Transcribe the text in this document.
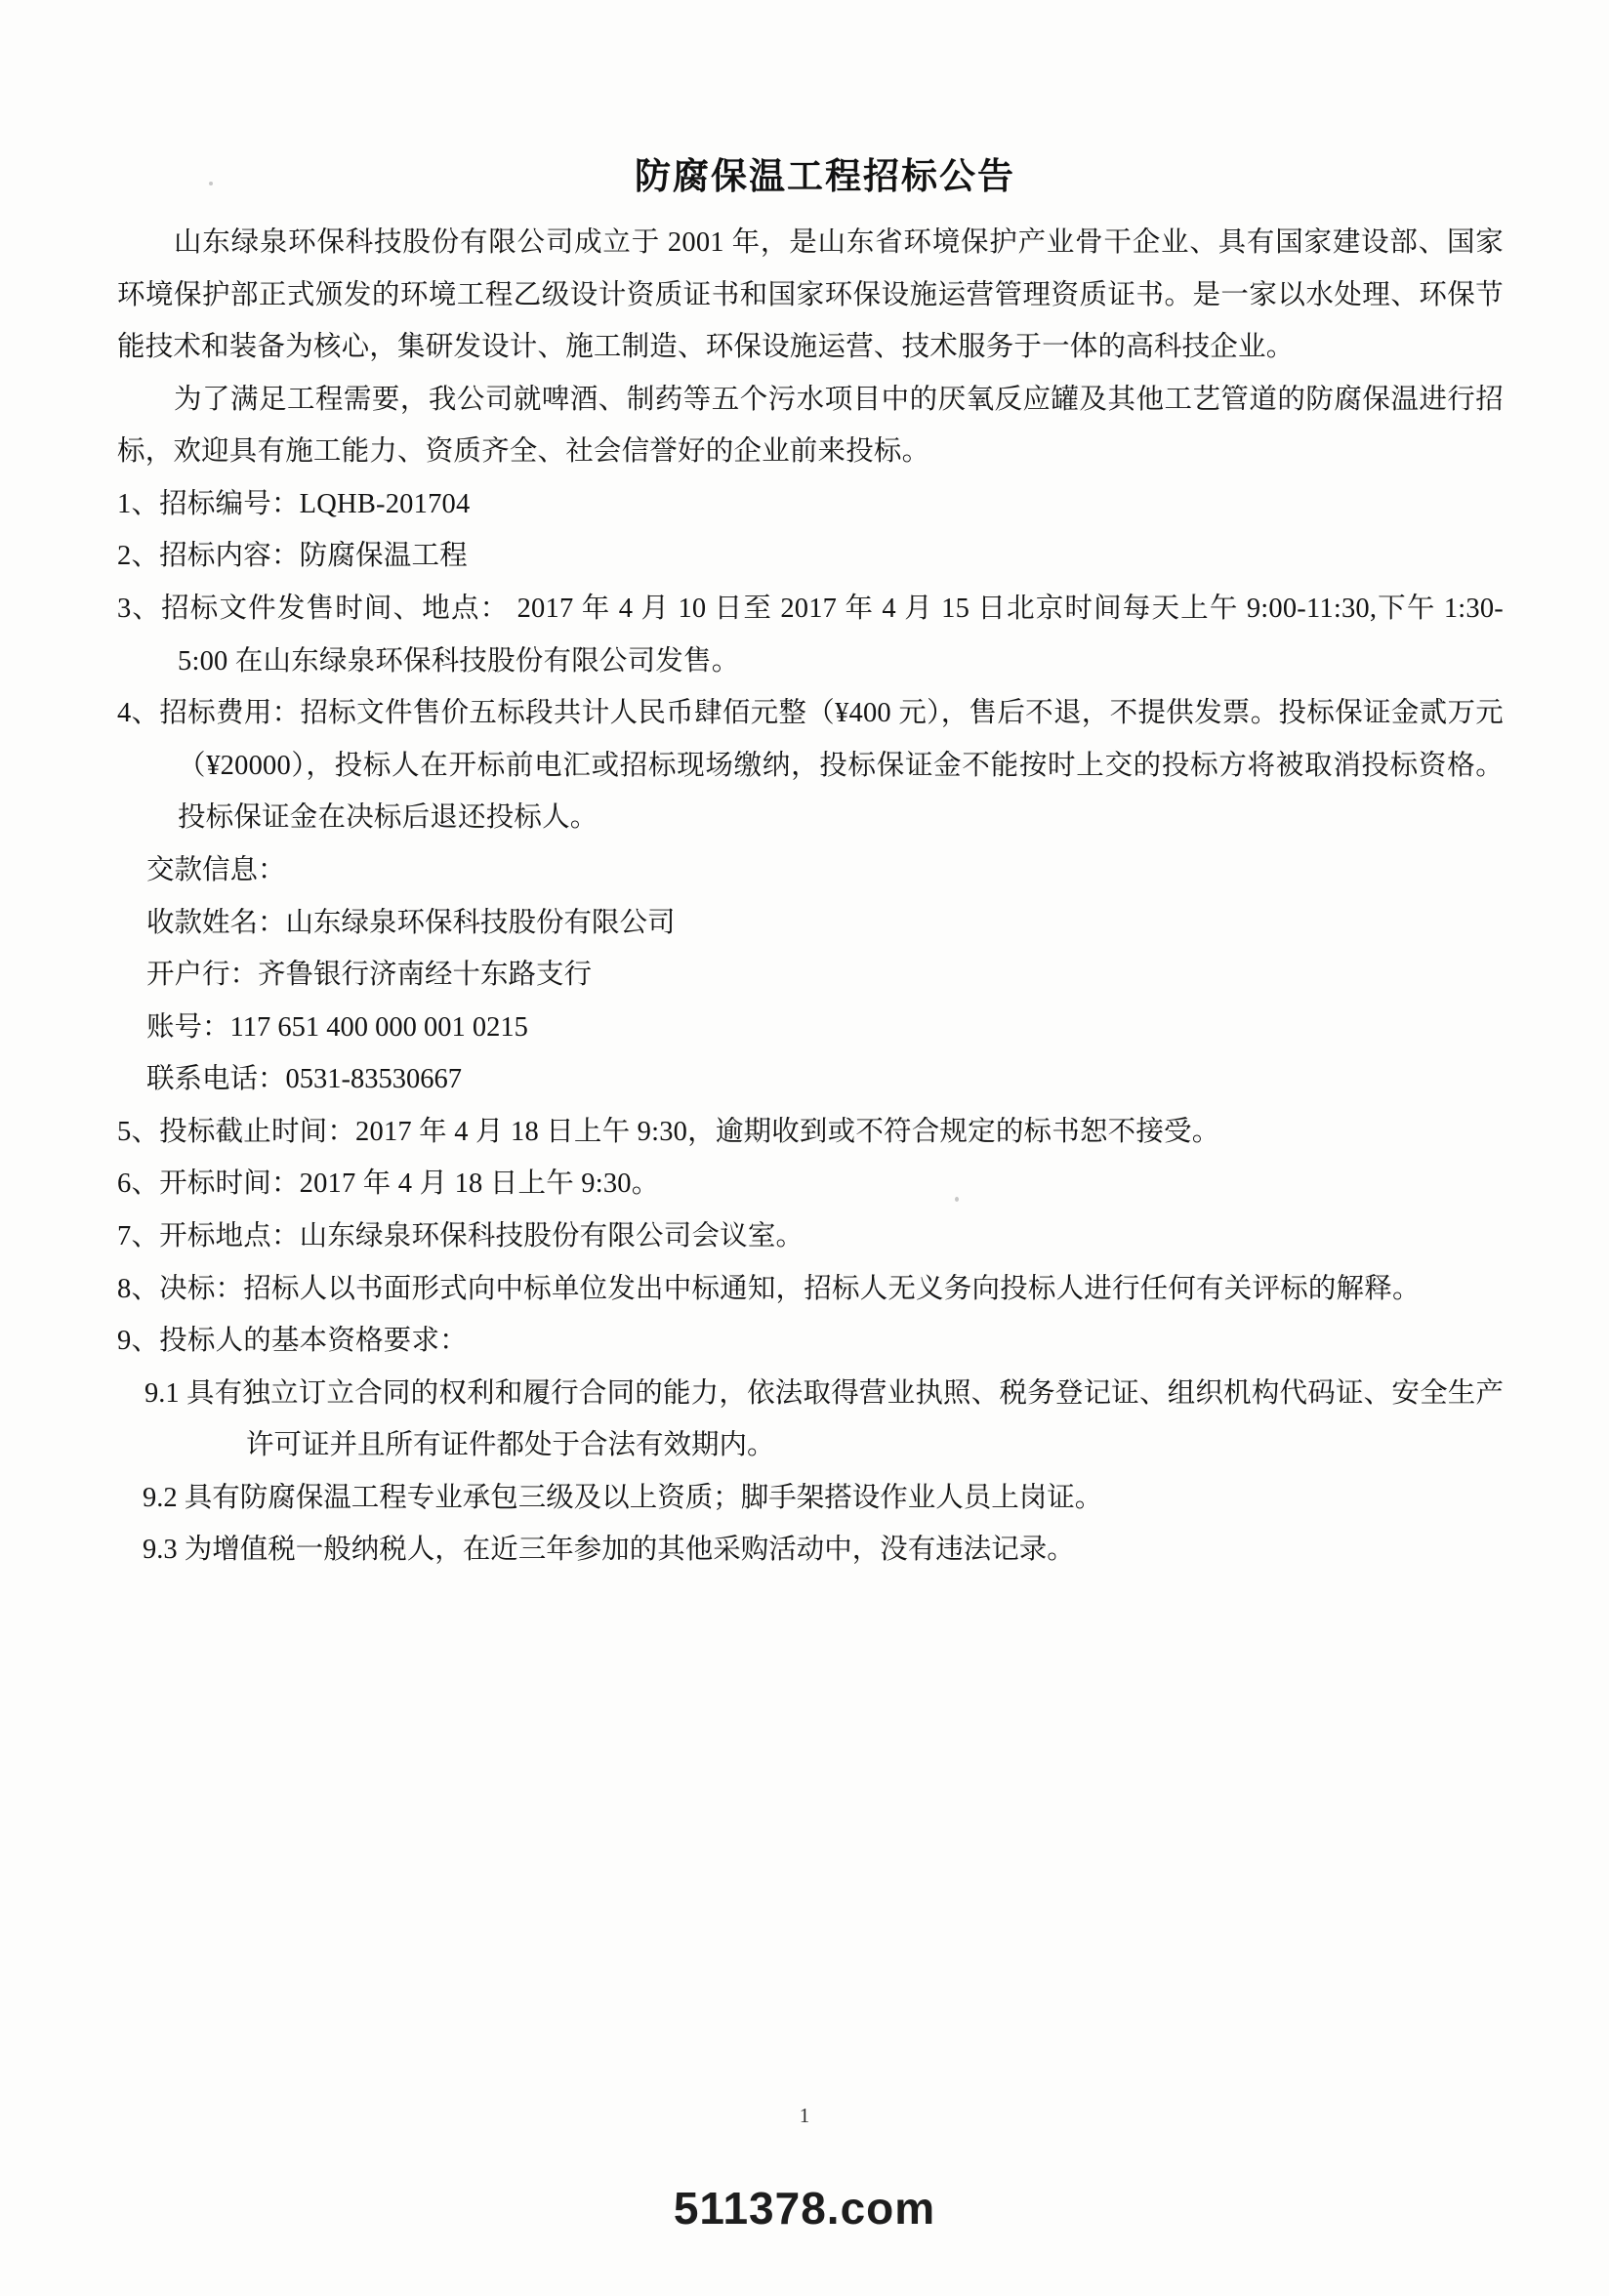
防腐保温工程招标公告

山东绿泉环保科技股份有限公司成立于 2001 年，是山东省环境保护产业骨干企业、具有国家建设部、国家环境保护部正式颁发的环境工程乙级设计资质证书和国家环保设施运营管理资质证书。是一家以水处理、环保节能技术和装备为核心，集研发设计、施工制造、环保设施运营、技术服务于一体的高科技企业。

为了满足工程需要，我公司就啤酒、制药等五个污水项目中的厌氧反应罐及其他工艺管道的防腐保温进行招标，欢迎具有施工能力、资质齐全、社会信誉好的企业前来投标。

1、招标编号：LQHB-201704

2、招标内容：防腐保温工程

3、招标文件发售时间、地点： 2017 年 4 月 10 日至 2017 年 4 月 15 日北京时间每天上午 9:00-11:30,下午 1:30-5:00 在山东绿泉环保科技股份有限公司发售。

4、招标费用：招标文件售价五标段共计人民币肆佰元整（¥400 元），售后不退，不提供发票。投标保证金贰万元（¥20000），投标人在开标前电汇或招标现场缴纳，投标保证金不能按时上交的投标方将被取消投标资格。投标保证金在决标后退还投标人。

交款信息：

收款姓名：山东绿泉环保科技股份有限公司

开户行：齐鲁银行济南经十东路支行

账号：117 651 400 000 001 0215

联系电话：0531-83530667

5、投标截止时间：2017 年 4 月 18 日上午 9:30，逾期收到或不符合规定的标书恕不接受。

6、开标时间：2017 年 4 月 18 日上午 9:30。

7、开标地点：山东绿泉环保科技股份有限公司会议室。

8、决标：招标人以书面形式向中标单位发出中标通知，招标人无义务向投标人进行任何有关评标的解释。

9、投标人的基本资格要求：

9.1 具有独立订立合同的权利和履行合同的能力，依法取得营业执照、税务登记证、组织机构代码证、安全生产许可证并且所有证件都处于合法有效期内。

9.2 具有防腐保温工程专业承包三级及以上资质；脚手架搭设作业人员上岗证。

9.3 为增值税一般纳税人，在近三年参加的其他采购活动中，没有违法记录。

1
511378.com
